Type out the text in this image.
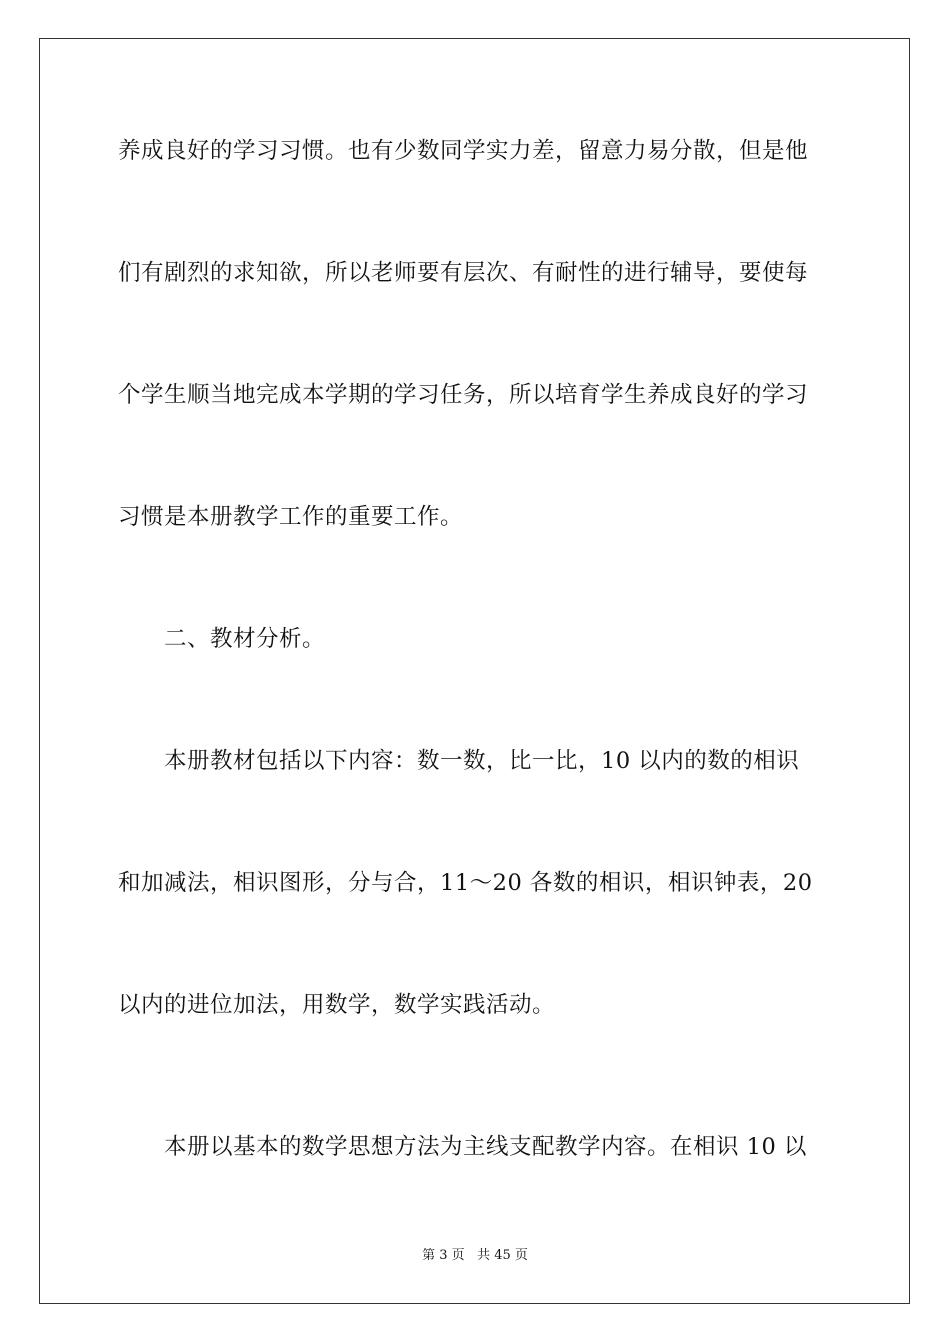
养成良好的学习习惯。也有少数同学实力差，留意力易分散，但是他
们有剧烈的求知欲，所以老师要有层次、有耐性的进行辅导，要使每
个学生顺当地完成本学期的学习任务，所以培育学生养成良好的学习
习惯是本册教学工作的重要工作。
二、教材分析。
本册教材包括以下内容：数一数，比一比，10 以内的数的相识
和加减法，相识图形，分与合，11～20 各数的相识，相识钟表，20
以内的进位加法，用数学，数学实践活动。
本册以基本的数学思想方法为主线支配教学内容。在相识 10 以
第 3 页   共 45 页
